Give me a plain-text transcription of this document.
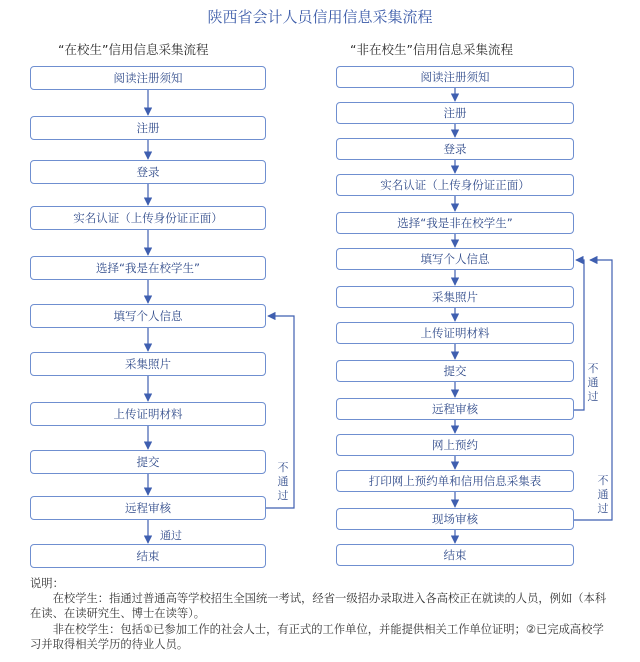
陕西省会计人员信用信息采集流程
“在校生”信用信息采集流程	“非在校生”信用信息采集流程
阅读注册须知
注册
登录
实名认证（上传身份证正面）
选择“我是在校学生”
填写个人信息
采集照片
上传证明材料
提交
远程审核
结束
阅读注册须知
注册
登录
实名认证（上传身份证正面）
选择“我是非在校学生”
填写个人信息
采集照片
上传证明材料
提交
远程审核
网上预约
打印网上预约单和信用信息采集表
现场审核
结束
通过
不
通
过
不
通
过
不
通
过

说明：

在校学生：指通过普通高等学校招生全国统一考试，经省一级招办录取进入各高校正在就读的人员，例如（本科在读、在读研究生、博士在读等）。

非在校学生：包括①已参加工作的社会人士，有正式的工作单位，并能提供相关工作单位证明；②已完成高校学习并取得相关学历的待业人员。
